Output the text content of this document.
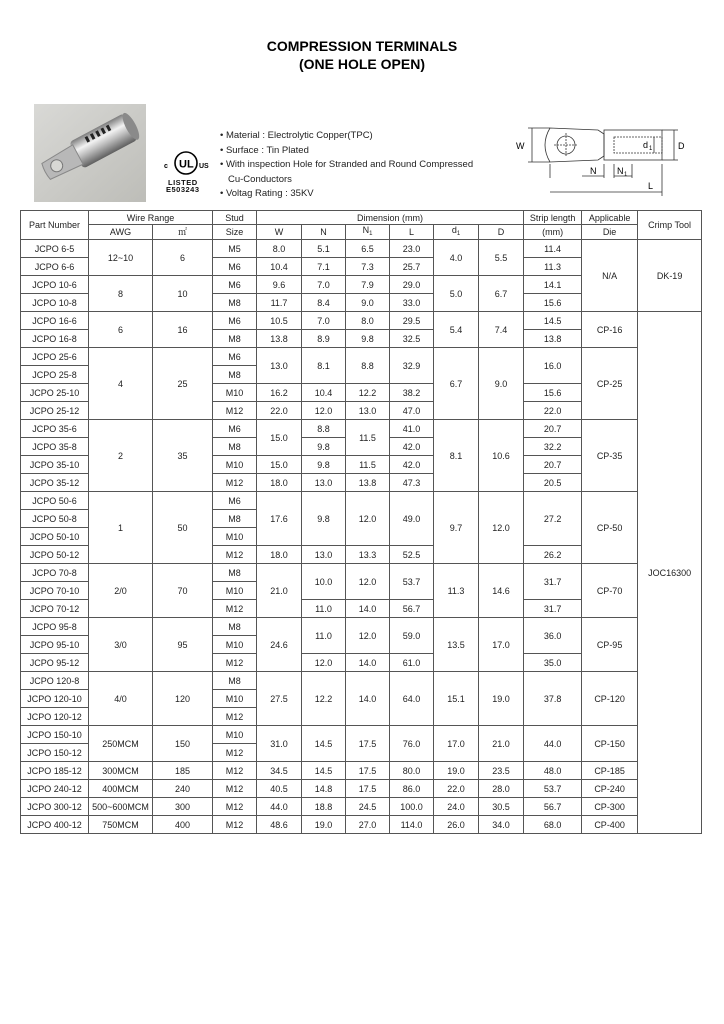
COMPRESSION TERMINALS
(ONE HOLE OPEN)
c UL US
LISTED
E503243
• Material : Electrolytic Copper(TPC)
• Surface : Tin Plated
• With inspection Hole for Stranded and Round Compressed
Cu-Conductors
• Voltag Rating : 35KV
W	D
d 1
N N 1
L
Part Number	Wire Range		Stud	Dimension (mm)						Strip length	Applicable	Crimp Tool
	AWG	㎡	Size	W	N	$N_1$	L	$d_1$	D	(mm)	Die	
JCPO 6-5	12~10	6	M5	8.0	5.1	6.5	23.0	4.0	5.5	11.4	N/A	DK-19
JCPO 6-6			M6	10.4	7.1	7.3	25.7			11.3		
JCPO 10-6	8	10	M6	9.6	7.0	7.9	29.0	5.0	6.7	14.1		
JCPO 10-8			M8	11.7	8.4	9.0	33.0			15.6		
JCPO 16-6	6	16	M6	10.5	7.0	8.0	29.5	5.4	7.4	14.5	CP-16	JOC16300
JCPO 16-8			M8	13.8	8.9	9.8	32.5			13.8		
JCPO 25-6	4	25	M6	13.0	8.1	8.8	32.9	6.7	9.0	16.0	CP-25	
JCPO 25-8			M8									
JCPO 25-10			M10	16.2	10.4	12.2	38.2			15.6		
JCPO 25-12			M12	22.0	12.0	13.0	47.0			22.0		
JCPO 35-6	2	35	M6	15.0	8.8	11.5	41.0	8.1	10.6	20.7	CP-35	
JCPO 35-8			M8		9.8		42.0			32.2		
JCPO 35-10			M10	15.0	9.8	11.5	42.0			20.7		
JCPO 35-12			M12	18.0	13.0	13.8	47.3			20.5		
JCPO 50-6	1	50	M6	17.6	9.8	12.0	49.0	9.7	12.0	27.2	CP-50	
JCPO 50-8			M8									
JCPO 50-10			M10									
JCPO 50-12			M12	18.0	13.0	13.3	52.5			26.2		
JCPO 70-8	2/0	70	M8	21.0	10.0	12.0	53.7	11.3	14.6	31.7	CP-70	
JCPO 70-10			M10									
JCPO 70-12			M12		11.0	14.0	56.7			31.7		
JCPO 95-8	3/0	95	M8	24.6	11.0	12.0	59.0	13.5	17.0	36.0	CP-95	
JCPO 95-10			M10									
JCPO 95-12			M12		12.0	14.0	61.0			35.0		
JCPO 120-8	4/0	120	M8	27.5	12.2	14.0	64.0	15.1	19.0	37.8	CP-120	
JCPO 120-10			M10									
JCPO 120-12			M12									
JCPO 150-10	250MCM	150	M10	31.0	14.5	17.5	76.0	17.0	21.0	44.0	CP-150	
JCPO 150-12			M12									
JCPO 185-12	300MCM	185	M12	34.5	14.5	17.5	80.0	19.0	23.5	48.0	CP-185	
JCPO 240-12	400MCM	240	M12	40.5	14.8	17.5	86.0	22.0	28.0	53.7	CP-240	
JCPO 300-12	500~600MCM	300	M12	44.0	18.8	24.5	100.0	24.0	30.5	56.7	CP-300	
JCPO 400-12	750MCM	400	M12	48.6	19.0	27.0	114.0	26.0	34.0	68.0	CP-400	
